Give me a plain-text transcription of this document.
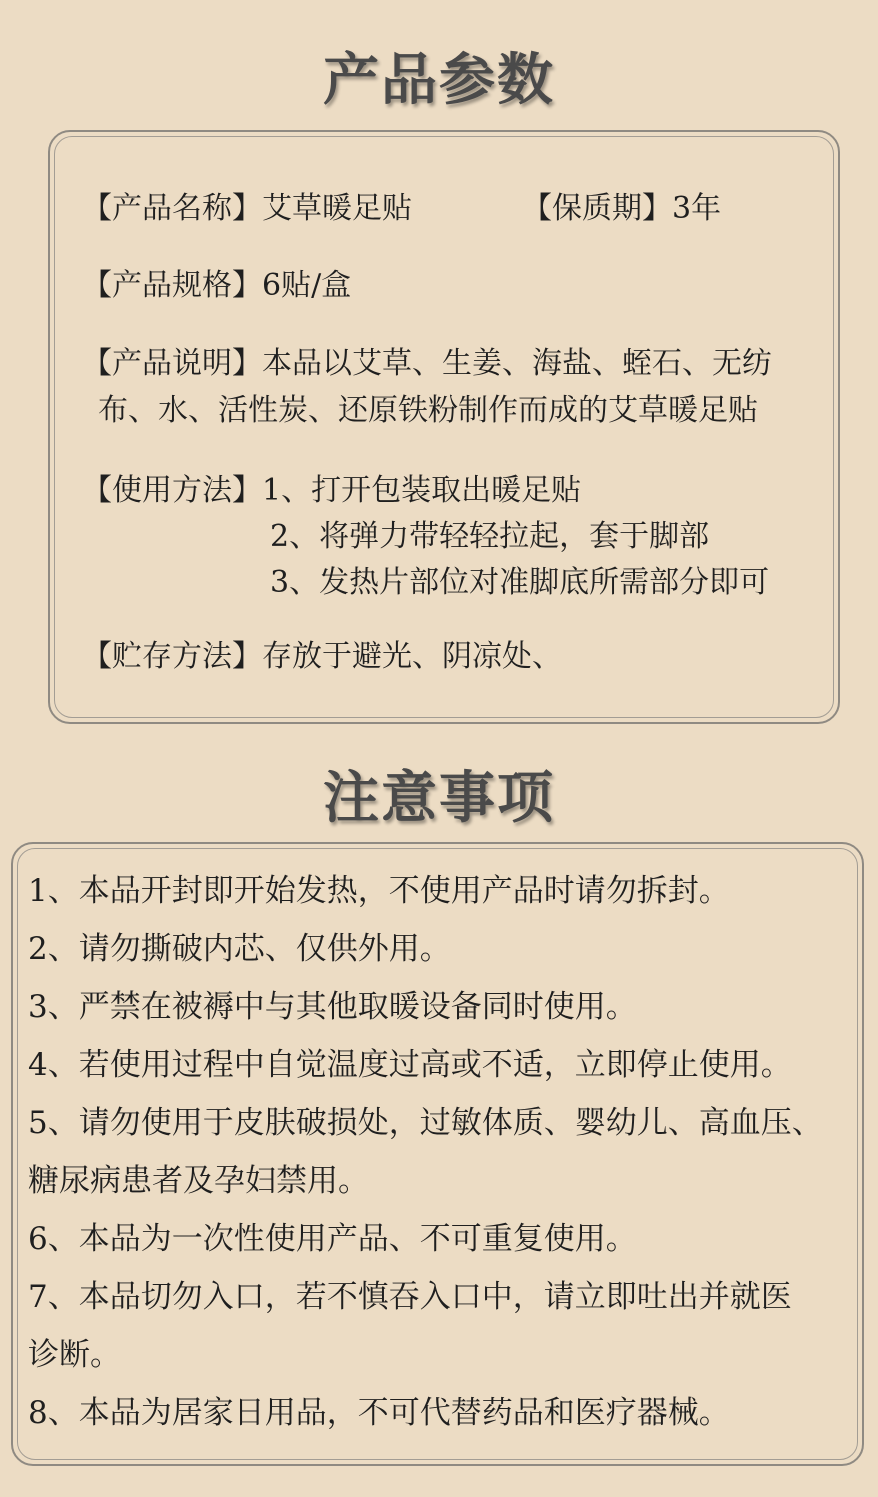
产品参数
【产品名称】艾草暖足贴	【保质期】3年
【产品规格】6贴/盒
【产品说明】本品以艾草、生姜、海盐、蛭石、无纺
布、水、活性炭、还原铁粉制作而成的艾草暖足贴
【使用方法】1、打开包装取出暖足贴
2、将弹力带轻轻拉起，套于脚部
3、发热片部位对准脚底所需部分即可
【贮存方法】存放于避光、阴凉处、
注意事项
1、本品开封即开始发热，不使用产品时请勿拆封。
2、请勿撕破内芯、仅供外用。
3、严禁在被褥中与其他取暖设备同时使用。
4、若使用过程中自觉温度过高或不适，立即停止使用。
5、请勿使用于皮肤破损处，过敏体质、婴幼儿、高血压、
糖尿病患者及孕妇禁用。
6、本品为一次性使用产品、不可重复使用。
7、本品切勿入口，若不慎吞入口中，请立即吐出并就医
诊断。
8、本品为居家日用品，不可代替药品和医疗器械。
